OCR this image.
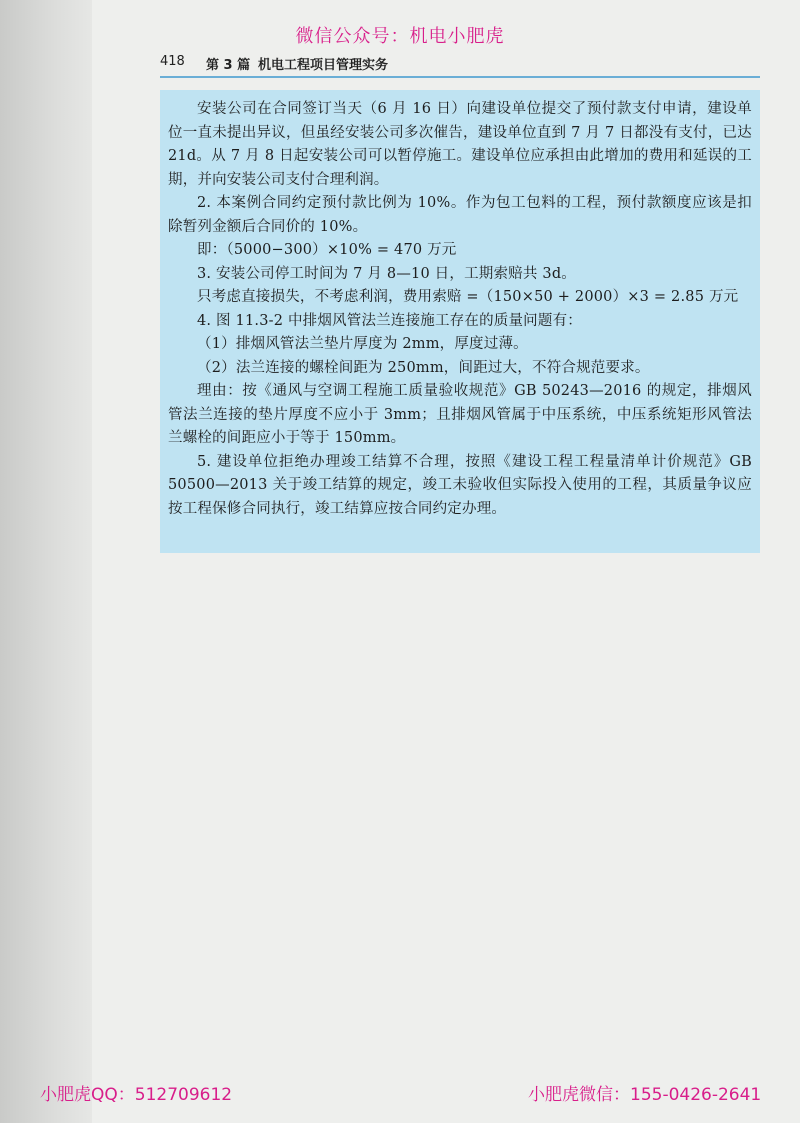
微信公众号：机电小肥虎
418 第 3 篇 机电工程项目管理实务

安装公司在合同签订当天（6 月 16 日）向建设单位提交了预付款支付申请，建设单位一直未提出异议，但虽经安装公司多次催告，建设单位直到 7 月 7 日都没有支付，已达 21d。从 7 月 8 日起安装公司可以暂停施工。建设单位应承担由此增加的费用和延误的工期，并向安装公司支付合理利润。

2. 本案例合同约定预付款比例为 10%。作为包工包料的工程，预付款额度应该是扣除暂列金额后合同价的 10%。

即：（5000−300）×10% = 470 万元

3. 安装公司停工时间为 7 月 8—10 日，工期索赔共 3d。

只考虑直接损失，不考虑利润，费用索赔 =（150×50 + 2000）×3 = 2.85 万元

4. 图 11.3-2 中排烟风管法兰连接施工存在的质量问题有：

（1）排烟风管法兰垫片厚度为 2mm，厚度过薄。

（2）法兰连接的螺栓间距为 250mm，间距过大，不符合规范要求。

理由：按《通风与空调工程施工质量验收规范》GB 50243—2016 的规定，排烟风管法兰连接的垫片厚度不应小于 3mm；且排烟风管属于中压系统，中压系统矩形风管法兰螺栓的间距应小于等于 150mm。

5. 建设单位拒绝办理竣工结算不合理，按照《建设工程工程量清单计价规范》GB 50500—2013 关于竣工结算的规定，竣工未验收但实际投入使用的工程，其质量争议应按工程保修合同执行，竣工结算应按合同约定办理。

小肥虎QQ：512709612	小肥虎微信：155-0426-2641
